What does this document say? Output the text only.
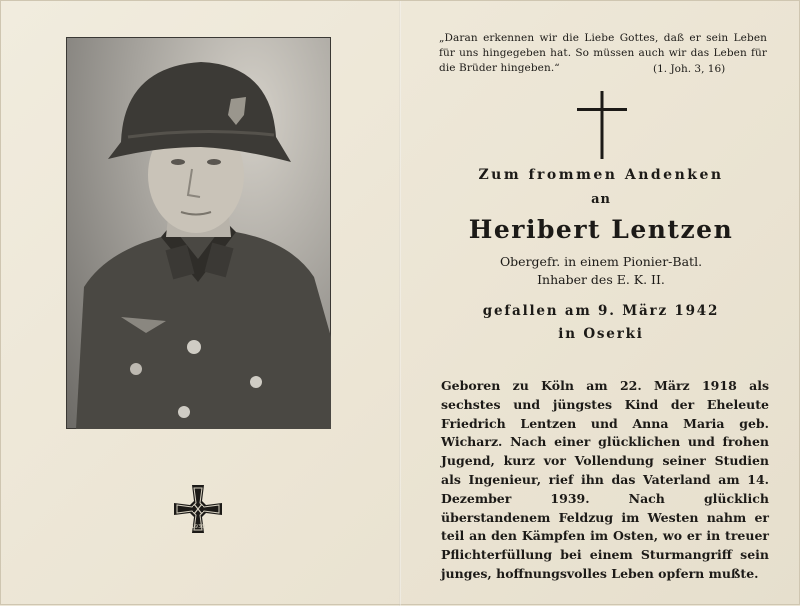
1939
„Daran erkennen wir die Liebe Gottes, daß er sein Leben für uns hingegeben hat. So müssen auch wir das Leben für die Brüder hingeben.“	(1. Joh. 3, 16)
Zum frommen Andenken
an
Heribert Lentzen
Obergefr. in einem Pionier-Batl.
Inhaber des E. K. II.
gefallen am 9. März 1942
in Oserki
Geboren zu Köln am 22. März 1918 als sechstes und jüngstes Kind der Eheleute Friedrich Lentzen und Anna Maria geb. Wicharz. Nach einer glücklichen und frohen Jugend, kurz vor Vollendung seiner Studien als Ingenieur, rief ihn das Vaterland am 14. Dezember 1939. Nach glücklich überstandenem Feldzug im Westen nahm er teil an den Kämpfen im Osten, wo er in treuer Pflichterfüllung bei einem Sturmangriff sein junges, hoffnungsvolles Leben opfern mußte.
